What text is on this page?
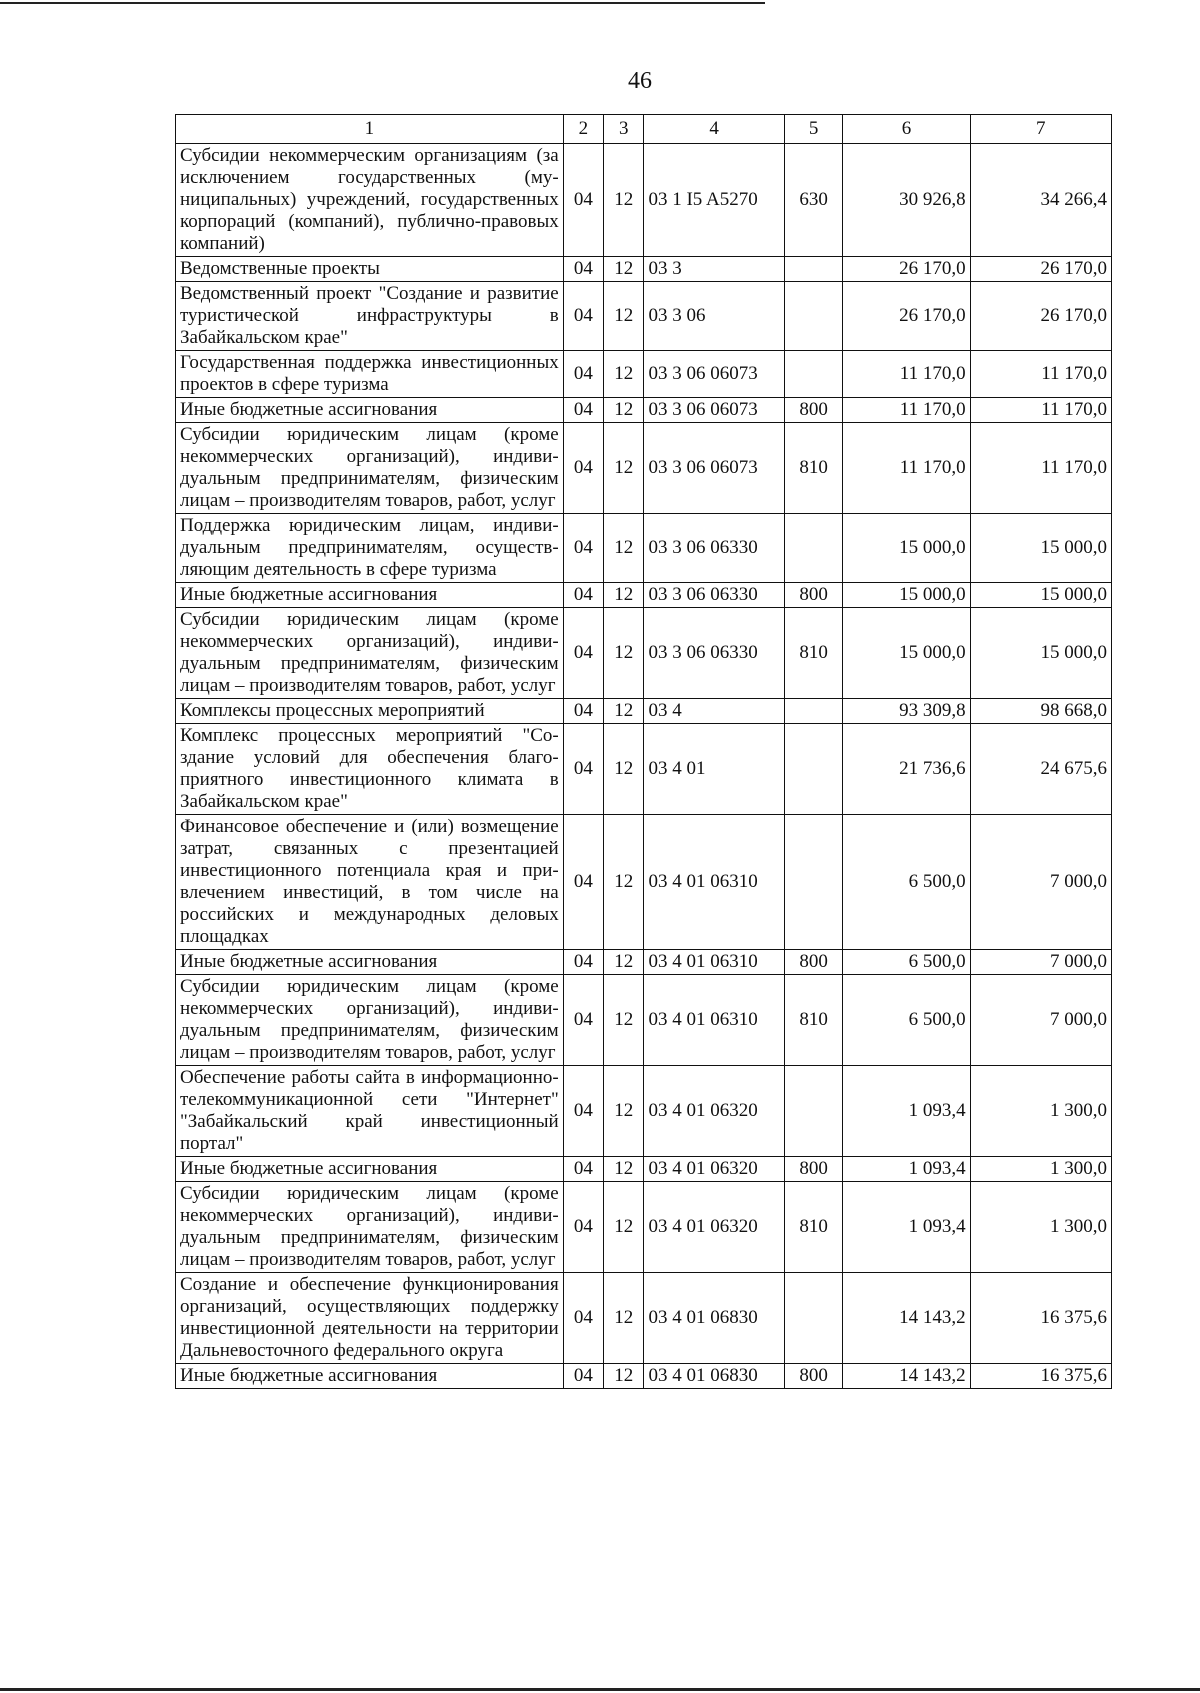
46
1	2	3	4	5	6	7
Субсидии некоммерческим организациям (за исключением государственных (муниципальных) учреждений, государственных корпораций (компаний), публично-правовых компаний)	04	12	03 1 I5 A5270	630	30 926,8	34 266,4
Ведомственные проекты	04	12	03 3		26 170,0	26 170,0
Ведомственный проект "Создание и развитие туристической инфраструктуры в Забайкальском крае"	04	12	03 3 06		26 170,0	26 170,0
Государственная поддержка инвестиционных проектов в сфере туризма	04	12	03 3 06 06073		11 170,0	11 170,0
Иные бюджетные ассигнования	04	12	03 3 06 06073	800	11 170,0	11 170,0
Субсидии юридическим лицам (кроме некоммерческих организаций), индивидуальным предпринимателям, физическим лицам – производителям товаров, работ, услуг	04	12	03 3 06 06073	810	11 170,0	11 170,0
Поддержка юридическим лицам, индивидуальным предпринимателям, осуществляющим деятельность в сфере туризма	04	12	03 3 06 06330		15 000,0	15 000,0
Иные бюджетные ассигнования	04	12	03 3 06 06330	800	15 000,0	15 000,0
Субсидии юридическим лицам (кроме некоммерческих организаций), индивидуальным предпринимателям, физическим лицам – производителям товаров, работ, услуг	04	12	03 3 06 06330	810	15 000,0	15 000,0
Комплексы процессных мероприятий	04	12	03 4		93 309,8	98 668,0
Комплекс процессных мероприятий "Создание условий для обеспечения благоприятного инвестиционного климата в Забайкальском крае"	04	12	03 4 01		21 736,6	24 675,6
Финансовое обеспечение и (или) возмещение затрат, связанных с презентацией инвестиционного потенциала края и привлечением инвестиций, в том числе на российских и международных деловых площадках	04	12	03 4 01 06310		6 500,0	7 000,0
Иные бюджетные ассигнования	04	12	03 4 01 06310	800	6 500,0	7 000,0
Субсидии юридическим лицам (кроме некоммерческих организаций), индивидуальным предпринимателям, физическим лицам – производителям товаров, работ, услуг	04	12	03 4 01 06310	810	6 500,0	7 000,0
Обеспечение работы сайта в информационно-телекоммуникационной сети "Интернет" "Забайкальский край инвестиционный портал"	04	12	03 4 01 06320		1 093,4	1 300,0
Иные бюджетные ассигнования	04	12	03 4 01 06320	800	1 093,4	1 300,0
Субсидии юридическим лицам (кроме некоммерческих организаций), индивидуальным предпринимателям, физическим лицам – производителям товаров, работ, услуг	04	12	03 4 01 06320	810	1 093,4	1 300,0
Создание и обеспечение функционирования организаций, осуществляющих поддержку инвестиционной деятельности на территории Дальневосточного федерального округа	04	12	03 4 01 06830		14 143,2	16 375,6
Иные бюджетные ассигнования	04	12	03 4 01 06830	800	14 143,2	16 375,6
